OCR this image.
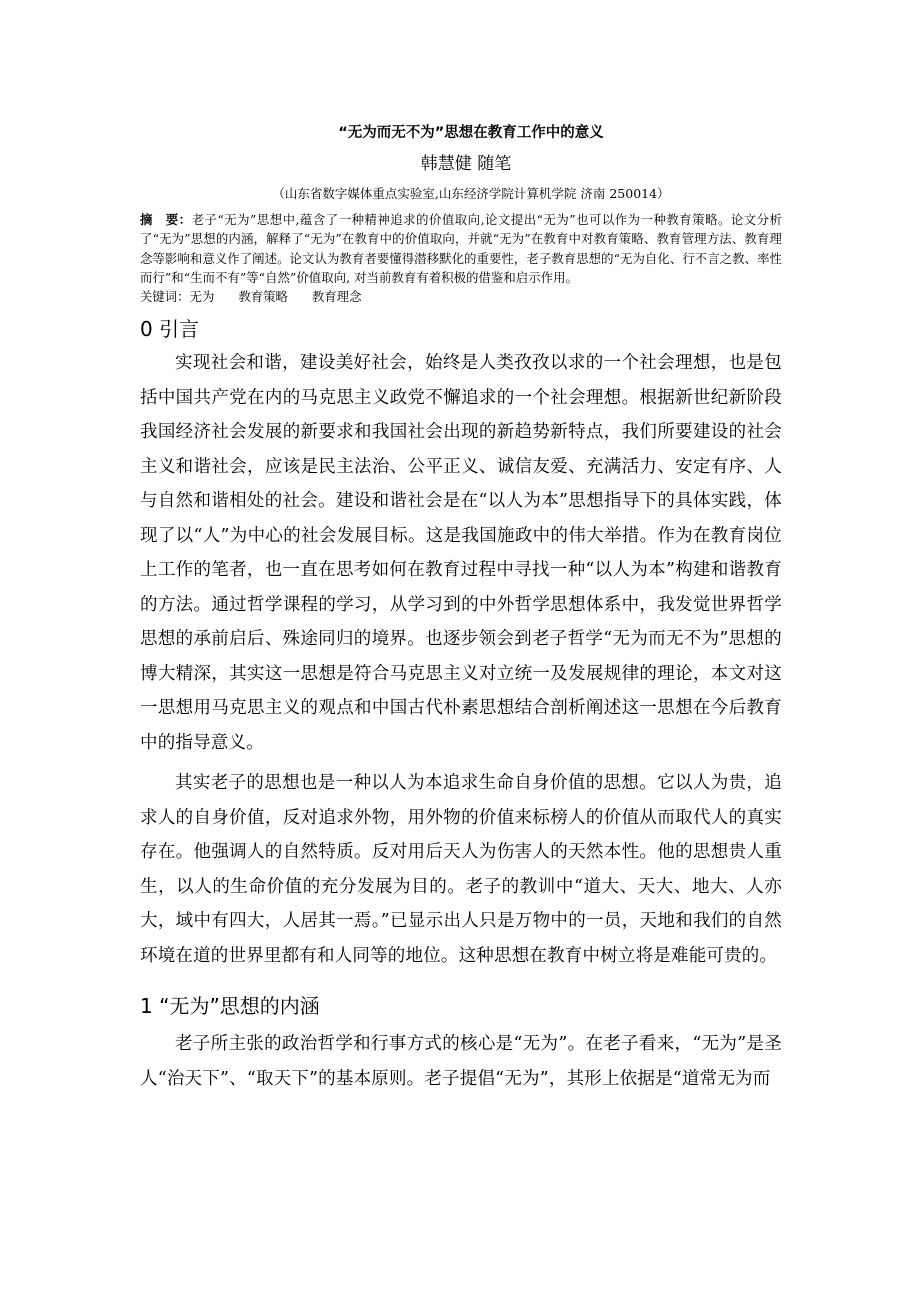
“无为而无不为”思想在教育工作中的意义

韩慧健 随笔

（山东省数字媒体重点实验室,山东经济学院计算机学院 济南 250014）

摘　要：老子“无为”思想中,蕴含了一种精神追求的价值取向,论文提出“无为”也可以作为一种教育策略。论文分析了“无为”思想的内涵，解释了“无为”在教育中的价值取向，并就“无为”在教育中对教育策略、教育管理方法、教育理念等影响和意义作了阐述。论文认为教育者要懂得潜移默化的重要性，老子教育思想的“无为自化、行不言之教、率性而行”和“生而不有”等“自然”价值取向, 对当前教育有着积极的借鉴和启示作用。

关键词：无为 教育策略 教育理念

0 引言

实现社会和谐，建设美好社会，始终是人类孜孜以求的一个社会理想，也是包括中国共产党在内的马克思主义政党不懈追求的一个社会理想。根据新世纪新阶段我国经济社会发展的新要求和我国社会出现的新趋势新特点，我们所要建设的社会主义和谐社会，应该是民主法治、公平正义、诚信友爱、充满活力、安定有序、人与自然和谐相处的社会。建设和谐社会是在“以人为本”思想指导下的具体实践，体现了以“人”为中心的社会发展目标。这是我国施政中的伟大举措。作为在教育岗位上工作的笔者，也一直在思考如何在教育过程中寻找一种“以人为本”构建和谐教育的方法。通过哲学课程的学习，从学习到的中外哲学思想体系中，我发觉世界哲学思想的承前启后、殊途同归的境界。也逐步领会到老子哲学“无为而无不为”思想的博大精深，其实这一思想是符合马克思主义对立统一及发展规律的理论，本文对这一思想用马克思主义的观点和中国古代朴素思想结合剖析阐述这一思想在今后教育中的指导意义。

其实老子的思想也是一种以人为本追求生命自身价值的思想。它以人为贵，追求人的自身价值，反对追求外物，用外物的价值来标榜人的价值从而取代人的真实存在。他强调人的自然特质。反对用后天人为伤害人的天然本性。他的思想贵人重生，以人的生命价值的充分发展为目的。老子的教训中“道大、天大、地大、人亦大，域中有四大，人居其一焉。”已显示出人只是万物中的一员，天地和我们的自然环境在道的世界里都有和人同等的地位。这种思想在教育中树立将是难能可贵的。

1 “无为”思想的内涵

老子所主张的政治哲学和行事方式的核心是“无为”。在老子看来，“无为”是圣人“治天下”、“取天下”的基本原则。老子提倡“无为”，其形上依据是“道常无为而
